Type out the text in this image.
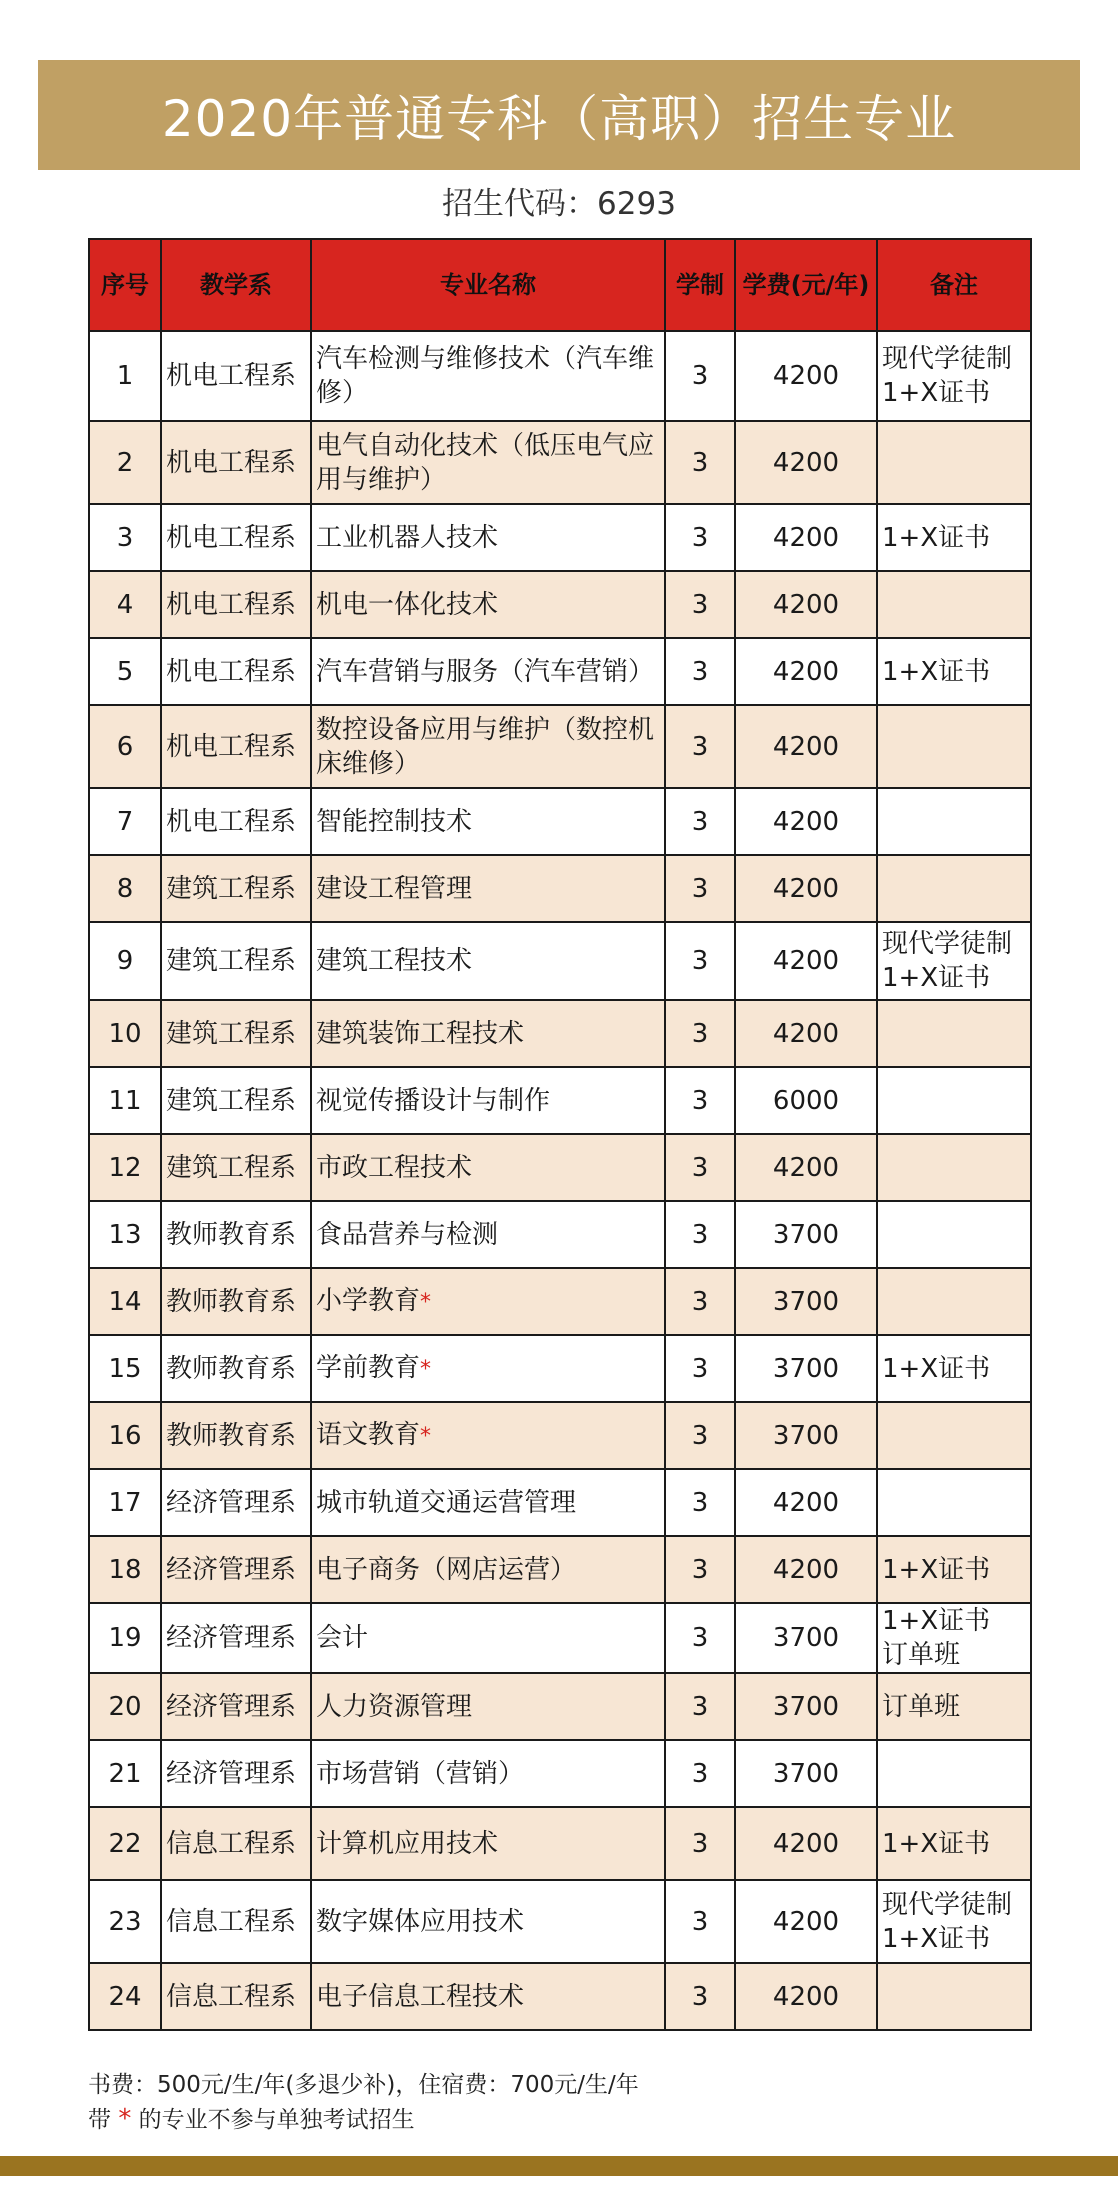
2020年普通专科（高职）招生专业
招生代码：6293
序号	教学系	专业名称	学制	学费(元/年)	备注
1	机电工程系	汽车检测与维修技术（汽车维修）	3	4200	现代学徒制
1+X证书

2	机电工程系	电气自动化技术（低压电气应用与维护）	3	4200	
3	机电工程系	工业机器人技术	3	4200	1+X证书

4	机电工程系	机电一体化技术	3	4200	
5	机电工程系	汽车营销与服务（汽车营销）	3	4200	1+X证书

6	机电工程系	数控设备应用与维护（数控机床维修）	3	4200	
7	机电工程系	智能控制技术	3	4200	
8	建筑工程系	建设工程管理	3	4200	
9	建筑工程系	建筑工程技术	3	4200	现代学徒制
1+X证书

10	建筑工程系	建筑装饰工程技术	3	4200	
11	建筑工程系	视觉传播设计与制作	3	6000	
12	建筑工程系	市政工程技术	3	4200	
13	教师教育系	食品营养与检测	3	3700	
14	教师教育系	小学教育*	3	3700	
15	教师教育系	学前教育*	3	3700	1+X证书

16	教师教育系	语文教育*	3	3700	
17	经济管理系	城市轨道交通运营管理	3	4200	
18	经济管理系	电子商务（网店运营）	3	4200	1+X证书

19	经济管理系	会计	3	3700	1+X证书
订单班

20	经济管理系	人力资源管理	3	3700	订单班

21	经济管理系	市场营销（营销）	3	3700	
22	信息工程系	计算机应用技术	3	4200	1+X证书

23	信息工程系	数字媒体应用技术	3	4200	现代学徒制
1+X证书

24	信息工程系	电子信息工程技术	3	4200	
书费：500元/生/年(多退少补)，住宿费：700元/生/年
带 * 的专业不参与单独考试招生
